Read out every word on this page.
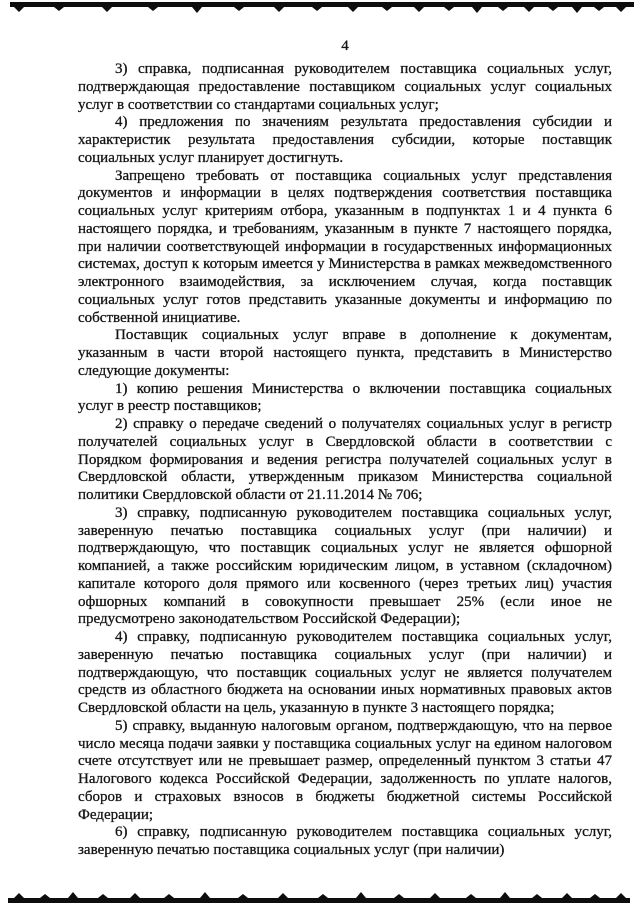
4

3) справка, подписанная руководителем поставщика социальных услуг, подтверждающая предоставление поставщиком социальных услуг социальных услуг в соответствии со стандартами социальных услуг;

4) предложения по значениям результата предоставления субсидии и характеристик результата предоставления субсидии, которые поставщик социальных услуг планирует достигнуть.

Запрещено требовать от поставщика социальных услуг представления документов и информации в целях подтверждения соответствия поставщика социальных услуг критериям отбора, указанным в подпунктах 1 и 4 пункта 6 настоящего порядка, и требованиям, указанным в пункте 7 настоящего порядка, при наличии соответствующей информации в государственных информационных системах, доступ к которым имеется у Министерства в рамках межведомственного электронного взаимодействия, за исключением случая, когда поставщик социальных услуг готов представить указанные документы и информацию по собственной инициативе.

Поставщик социальных услуг вправе в дополнение к документам, указанным в части второй настоящего пункта, представить в Министерство следующие документы:

1) копию решения Министерства о включении поставщика социальных услуг в реестр поставщиков;

2) справку о передаче сведений о получателях социальных услуг в регистр получателей социальных услуг в Свердловской области в соответствии с Порядком формирования и ведения регистра получателей социальных услуг в Свердловской области, утвержденным приказом Министерства социальной политики Свердловской области от 21.11.2014 № 706;

3) справку, подписанную руководителем поставщика социальных услуг, заверенную печатью поставщика социальных услуг (при наличии) и подтверждающую, что поставщик социальных услуг не является офшорной компанией, а также российским юридическим лицом, в уставном (складочном) капитале которого доля прямого или косвенного (через третьих лиц) участия офшорных компаний в совокупности превышает 25% (если иное не предусмотрено законодательством Российской Федерации);

4) справку, подписанную руководителем поставщика социальных услуг, заверенную печатью поставщика социальных услуг (при наличии) и подтверждающую, что поставщик социальных услуг не является получателем средств из областного бюджета на основании иных нормативных правовых актов Свердловской области на цель, указанную в пункте 3 настоящего порядка;

5) справку, выданную налоговым органом, подтверждающую, что на первое число месяца подачи заявки у поставщика социальных услуг на едином налоговом счете отсутствует или не превышает размер, определенный пунктом 3 статьи 47 Налогового кодекса Российской Федерации, задолженность по уплате налогов, сборов и страховых взносов в бюджеты бюджетной системы Российской Федерации;

6) справку, подписанную руководителем поставщика социальных услуг, заверенную печатью поставщика социальных услуг (при наличии)
